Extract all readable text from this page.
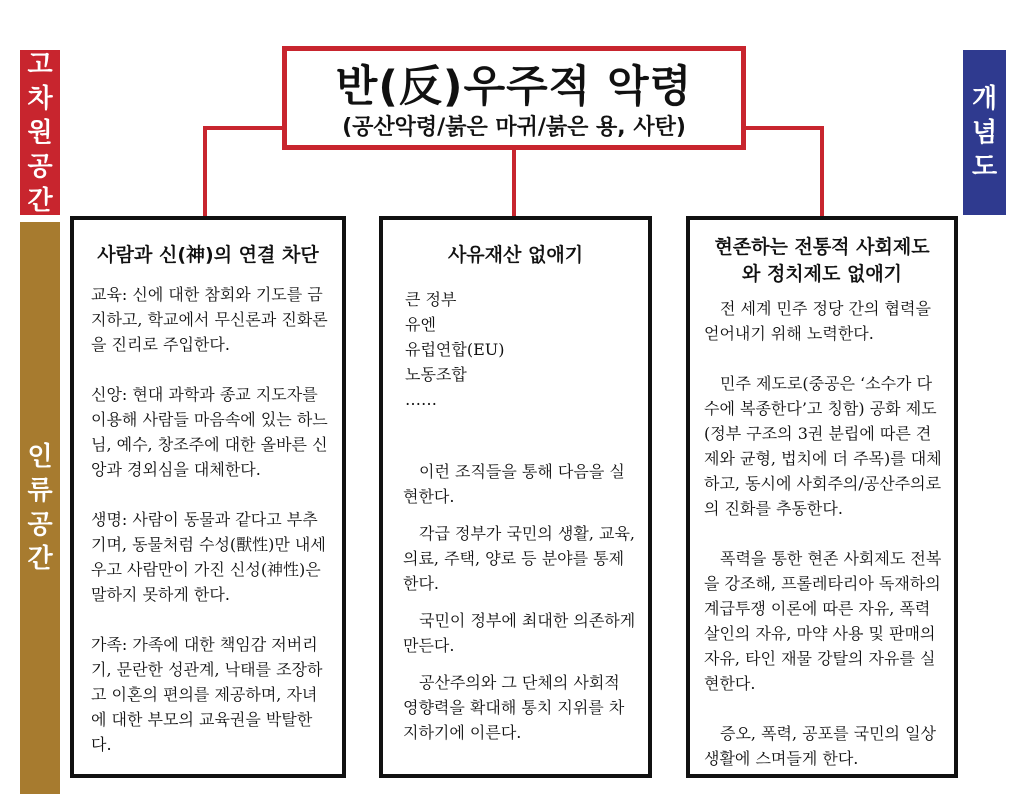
고
차
원
공
간
인
류
공
간
개
념
도
반(反)우주적 악령
(공산악령/붉은 마귀/붉은 용, 사탄)
사람과 신(神)의 연결 차단

교육: 신에 대한 참회와 기도를 금지하고, 학교에서 무신론과 진화론을 진리로 주입한다.

신앙: 현대 과학과 종교 지도자를 이용해 사람들 마음속에 있는 하느님, 예수, 창조주에 대한 올바른 신앙과 경외심을 대체한다.

생명: 사람이 동물과 같다고 부추기며, 동물처럼 수성(獸性)만 내세우고 사람만이 가진 신성(神性)은 말하지 못하게 한다.

가족: 가족에 대한 책임감 저버리기, 문란한 성관계, 낙태를 조장하고 이혼의 편의를 제공하며, 자녀에 대한 부모의 교육권을 박탈한다.

사유재산 없애기
큰 정부
유엔
유럽연합(EU)
노동조합
……

이런 조직들을 통해 다음을 실현한다.

각급 정부가 국민의 생활, 교육, 의료, 주택, 양로 등 분야를 통제한다.

국민이 정부에 최대한 의존하게 만든다.

공산주의와 그 단체의 사회적 영향력을 확대해 통치 지위를 차지하기에 이른다.

현존하는 전통적 사회제도
와 정치제도 없애기

전 세계 민주 정당 간의 협력을 얻어내기 위해 노력한다.

민주 제도로(중공은 ‘소수가 다수에 복종한다’고 칭함) 공화 제도(정부 구조의 3권 분립에 따른 견제와 균형, 법치에 더 주목)를 대체하고, 동시에 사회주의/공산주의로의 진화를 추동한다.

폭력을 통한 현존 사회제도 전복을 강조해, 프롤레타리아 독재하의 계급투쟁 이론에 따른 자유, 폭력 살인의 자유, 마약 사용 및 판매의 자유, 타인 재물 강탈의 자유를 실현한다.

증오, 폭력, 공포를 국민의 일상생활에 스며들게 한다.
